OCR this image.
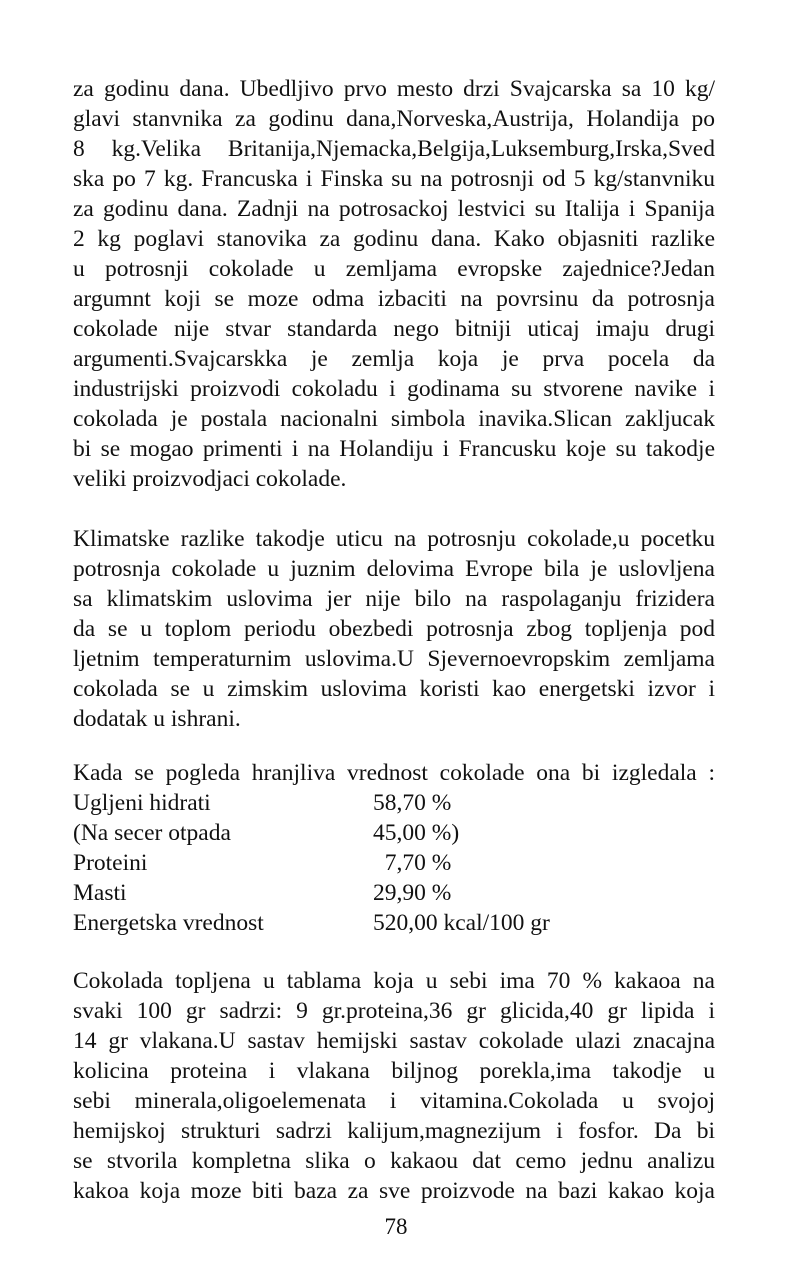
za godinu dana. Ubedljivo prvo mesto drzi Svajcarska sa 10 kg/
glavi stanvnika za godinu dana,Norveska,Austrija, Holandija po
8 kg.Velika Britanija,Njemacka,Belgija,Luksemburg,Irska,Sved
ska po 7 kg. Francuska i Finska su na potrosnji od 5 kg/stanvniku
za godinu dana. Zadnji na potrosackoj lestvici su Italija i Spanija
2 kg poglavi stanovika za godinu dana. Kako objasniti razlike
u potrosnji cokolade u zemljama evropske zajednice?Jedan
argumnt koji se moze odma izbaciti na povrsinu da potrosnja
cokolade nije stvar standarda nego bitniji uticaj imaju drugi
argumenti.Svajcarskka je zemlja koja je prva pocela da
industrijski proizvodi cokoladu i godinama su stvorene navike i
cokolada je postala nacionalni simbola inavika.Slican zakljucak
bi se mogao primenti i na Holandiju i Francusku koje su takodje
veliki proizvodjaci cokolade.
Klimatske razlike takodje uticu na potrosnju cokolade,u pocetku
potrosnja cokolade u juznim delovima Evrope bila je uslovljena
sa klimatskim uslovima jer nije bilo na raspolaganju frizidera
da se u toplom periodu obezbedi potrosnja zbog topljenja pod
ljetnim temperaturnim uslovima.U Sjevernoevropskim zemljama
cokolada se u zimskim uslovima koristi kao energetski izvor i
dodatak u ishrani.
Kada se pogleda hranjliva vrednost cokolade ona bi izgledala :
Ugljeni hidrati	58,70 %
(Na secer otpada	45,00 %)
Proteini	7,70 %
Masti	29,90 %
Energetska vrednost	520,00 kcal/100 gr
Cokolada topljena u tablama koja u sebi ima 70 % kakaoa na
svaki 100 gr sadrzi: 9 gr.proteina,36 gr glicida,40 gr lipida i
14 gr vlakana.U sastav hemijski sastav cokolade ulazi znacajna
kolicina proteina i vlakana biljnog porekla,ima takodje u
sebi minerala,oligoelemenata i vitamina.Cokolada u svojoj
hemijskoj strukturi sadrzi kalijum,magnezijum i fosfor. Da bi
se stvorila kompletna slika o kakaou dat cemo jednu analizu
kakoa koja moze biti baza za sve proizvode na bazi kakao koja
78
